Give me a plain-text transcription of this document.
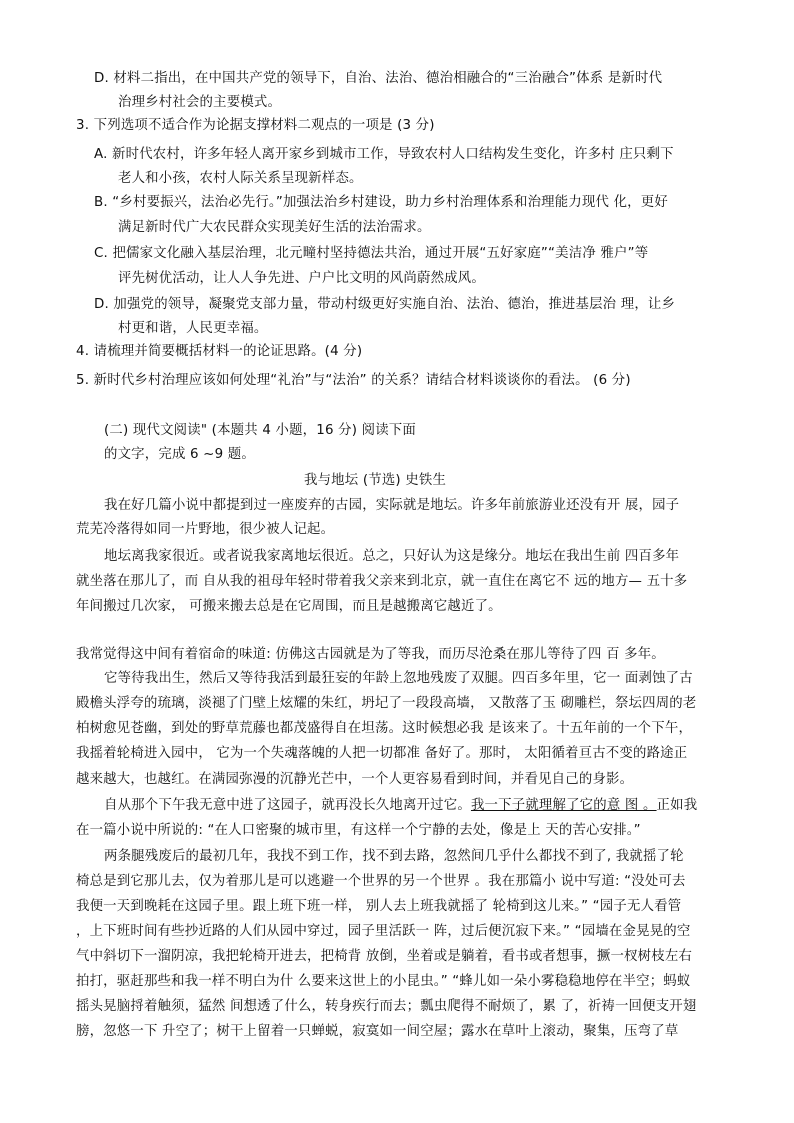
D. 材料二指出，在中国共产党的领导下，自治、法治、德治相融合的“三治融合”体系 是新时代
治理乡村社会的主要模式。
3. 下列选项不适合作为论据支撑材料二观点的一项是 (3 分)
A. 新时代农村，许多年轻人离开家乡到城市工作，导致农村人口结构发生变化，许多村 庄只剩下
老人和小孩，农村人际关系呈现新样态。
B. “乡村要振兴，法治必先行。”加强法治乡村建设，助力乡村治理体系和治理能力现代 化，更好
满足新时代广大农民群众实现美好生活的法治需求。
C. 把儒家文化融入基层治理，北元疃村坚持德法共治，通过开展“五好家庭”“美洁净 雅户”等
评先树优活动，让人人争先进、户户比文明的风尚蔚然成风。
D. 加强党的领导，凝聚党支部力量，带动村级更好实施自治、法治、德治，推进基层治 理，让乡
村更和谐，人民更幸福。
4. 请梳理并简要概括材料一的论证思路。(4 分)
5. 新时代乡村治理应该如何处理“礼治”与“法治” 的关系？请结合材料谈谈你的看法。 (6 分)
(二) 现代文阅读" (本题共 4 小题，16 分) 阅读下面
的文字，完成 6 ~9 题。
我与地坛 (节选) 史铁生
我在好几篇小说中都提到过一座废弃的古园，实际就是地坛。许多年前旅游业还没有开 展，园子
荒芜冷落得如同一片野地，很少被人记起。
地坛离我家很近。或者说我家离地坛很近。总之，只好认为这是缘分。地坛在我出生前 四百多年
就坐落在那儿了，而 自从我的祖母年轻时带着我父亲来到北京，就一直住在离它不 远的地方— 五十多
年间搬过几次家， 可搬来搬去总是在它周围，而且是越搬离它越近了。
我常觉得这中间有着宿命的味道: 仿佛这古园就是为了等我，而历尽沧桑在那儿等待了四 百 多年。
它等待我出生，然后又等待我活到最狂妄的年龄上忽地残废了双腿。四百多年里，它一 面剥蚀了古
殿檐头浮夸的琉璃，淡褪了门壁上炫耀的朱红，坍圮了一段段高墙， 又散落了玉 砌雕栏，祭坛四周的老
柏树愈见苍幽，到处的野草荒藤也都茂盛得自在坦荡。这时候想必我 是该来了。十五年前的一个下午，
我摇着轮椅进入园中， 它为一个失魂落魄的人把一切都准 备好了。那时， 太阳循着亘古不变的路途正
越来越大，也越红。在满园弥漫的沉静光芒中，一个人更容易看到时间，并看见自己的身影。
自从那个下午我无意中进了这园子，就再没长久地离开过它。我一下子就理解了它的意 图 。正如我
在一篇小说中所说的: “在人口密聚的城市里，有这样一个宁静的去处，像是上 天的苦心安排。”
两条腿残废后的最初几年，我找不到工作，找不到去路，忽然间几乎什么都找不到了, 我就摇了轮
椅总是到它那儿去，仅为着那儿是可以逃避一个世界的另一个世界 。我在那篇小 说中写道: “没处可去
我便一天到晚耗在这园子里。跟上班下班一样， 别人去上班我就摇了 轮椅到这儿来。” “园子无人看管
，上下班时间有些抄近路的人们从园中穿过，园子里活跃一 阵，过后便沉寂下来。” “园墙在金晃晃的空
气中斜切下一溜阴凉，我把轮椅开进去，把椅背 放倒，坐着或是躺着，看书或者想事，撅一杈树枝左右
拍打，驱赶那些和我一样不明白为什 么要来这世上的小昆虫。” “蜂儿如一朵小雾稳稳地停在半空；蚂蚁
摇头晃脑捋着触须，猛然 间想透了什么，转身疾行而去；瓢虫爬得不耐烦了，累 了，祈祷一回便支开翅
膀，忽悠一下 升空了；树干上留着一只蝉蜕，寂寞如一间空屋；露水在草叶上滚动，聚集，压弯了草
